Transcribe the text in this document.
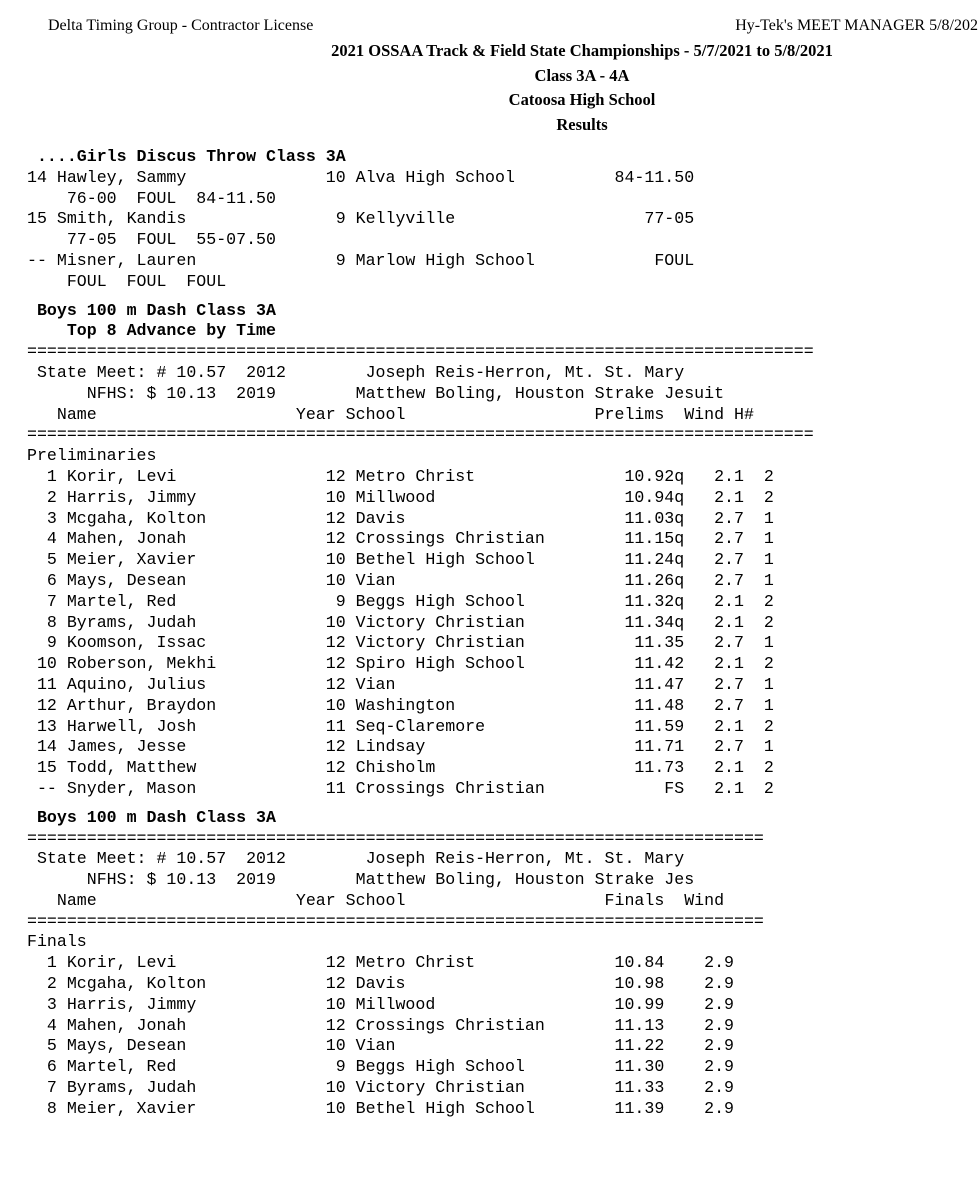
Delta Timing Group - Contractor License	Hy-Tek's MEET MANAGER 5/8/202
2021 OSSAA Track & Field State Championships - 5/7/2021 to 5/8/2021
Class 3A - 4A
Catoosa High School
Results
....Girls Discus Throw Class 3A
14 Hawley, Sammy              10 Alva High School          84-11.50
76-00  FOUL  84-11.50
15 Smith, Kandis               9 Kellyville                   77-05
77-05  FOUL  55-07.50
-- Misner, Lauren              9 Marlow High School            FOUL
FOUL  FOUL  FOUL

Boys 100 m Dash Class 3A
Top 8 Advance by Time
===============================================================================
State Meet: # 10.57  2012        Joseph Reis-Herron, Mt. St. Mary
NFHS: $ 10.13  2019        Matthew Boling, Houston Strake Jesuit
Name                    Year School                   Prelims  Wind H#
===============================================================================
Preliminaries
1 Korir, Levi               12 Metro Christ               10.92q   2.1  2
2 Harris, Jimmy             10 Millwood                   10.94q   2.1  2
3 Mcgaha, Kolton            12 Davis                      11.03q   2.7  1
4 Mahen, Jonah              12 Crossings Christian        11.15q   2.7  1
5 Meier, Xavier             10 Bethel High School         11.24q   2.7  1
6 Mays, Desean              10 Vian                       11.26q   2.7  1
7 Martel, Red                9 Beggs High School          11.32q   2.1  2
8 Byrams, Judah             10 Victory Christian          11.34q   2.1  2
9 Koomson, Issac            12 Victory Christian           11.35   2.7  1
10 Roberson, Mekhi           12 Spiro High School           11.42   2.1  2
11 Aquino, Julius            12 Vian                        11.47   2.7  1
12 Arthur, Braydon           10 Washington                  11.48   2.7  1
13 Harwell, Josh             11 Seq-Claremore               11.59   2.1  2
14 James, Jesse              12 Lindsay                     11.71   2.7  1
15 Todd, Matthew             12 Chisholm                    11.73   2.1  2
-- Snyder, Mason             11 Crossings Christian            FS   2.1  2

Boys 100 m Dash Class 3A
==========================================================================
State Meet: # 10.57  2012        Joseph Reis-Herron, Mt. St. Mary
NFHS: $ 10.13  2019        Matthew Boling, Houston Strake Jes
Name                    Year School                    Finals  Wind
==========================================================================
Finals
1 Korir, Levi               12 Metro Christ              10.84    2.9
2 Mcgaha, Kolton            12 Davis                     10.98    2.9
3 Harris, Jimmy             10 Millwood                  10.99    2.9
4 Mahen, Jonah              12 Crossings Christian       11.13    2.9
5 Mays, Desean              10 Vian                      11.22    2.9
6 Martel, Red                9 Beggs High School         11.30    2.9
7 Byrams, Judah             10 Victory Christian         11.33    2.9
8 Meier, Xavier             10 Bethel High School        11.39    2.9
